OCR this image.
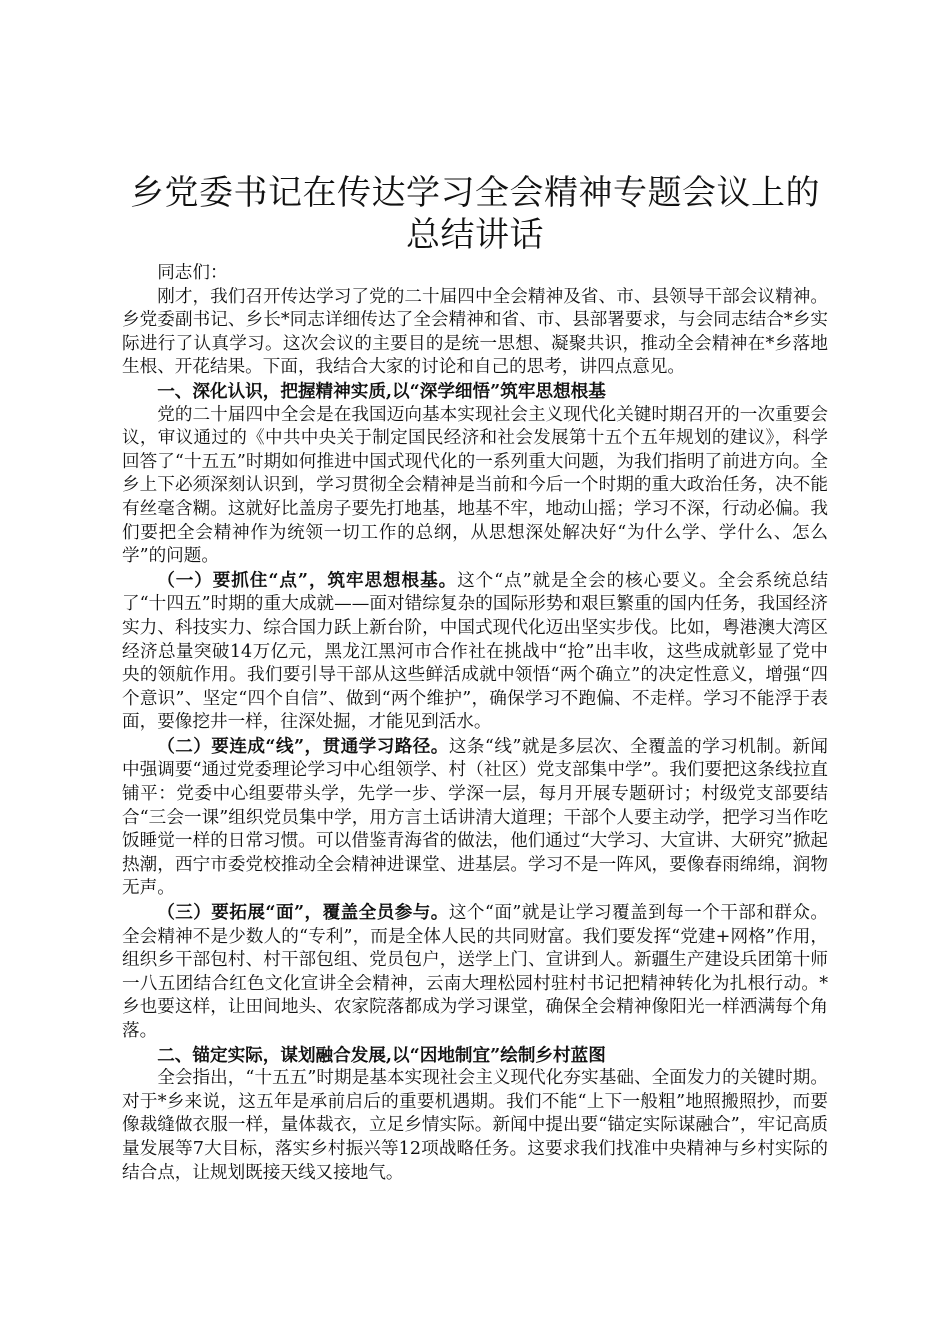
乡党委书记在传达学习全会精神专题会议上的
总结讲话

同志们：

刚才，我们召开传达学习了党的二十届四中全会精神及省、市、县领导干部会议精神。乡党委副书记、乡长*同志详细传达了全会精神和省、市、县部署要求，与会同志结合*乡实际进行了认真学习。这次会议的主要目的是统一思想、凝聚共识，推动全会精神在*乡落地生根、开花结果。下面，我结合大家的讨论和自己的思考，讲四点意见。

一、深化认识，把握精神实质,以“深学细悟”筑牢思想根基

党的二十届四中全会是在我国迈向基本实现社会主义现代化关键时期召开的一次重要会议，审议通过的《中共中央关于制定国民经济和社会发展第十五个五年规划的建议》，科学回答了“十五五”时期如何推进中国式现代化的一系列重大问题，为我们指明了前进方向。全乡上下必须深刻认识到，学习贯彻全会精神是当前和今后一个时期的重大政治任务，决不能有丝毫含糊。这就好比盖房子要先打地基，地基不牢，地动山摇；学习不深，行动必偏。我们要把全会精神作为统领一切工作的总纲，从思想深处解决好“为什么学、学什么、怎么学”的问题。

（一）要抓住“点”，筑牢思想根基。这个“点”就是全会的核心要义。全会系统总结了“十四五”时期的重大成就——面对错综复杂的国际形势和艰巨繁重的国内任务，我国经济实力、科技实力、综合国力跃上新台阶，中国式现代化迈出坚实步伐。比如，粤港澳大湾区经济总量突破14万亿元，黑龙江黑河市合作社在挑战中“抢”出丰收，这些成就彰显了党中央的领航作用。我们要引导干部从这些鲜活成就中领悟“两个确立”的决定性意义，增强“四个意识”、坚定“四个自信”、做到“两个维护”，确保学习不跑偏、不走样。学习不能浮于表面，要像挖井一样，往深处掘，才能见到活水。

（二）要连成“线”，贯通学习路径。这条“线”就是多层次、全覆盖的学习机制。新闻中强调要“通过党委理论学习中心组领学、村（社区）党支部集中学”。我们要把这条线拉直铺平：党委中心组要带头学，先学一步、学深一层，每月开展专题研讨；村级党支部要结合“三会一课”组织党员集中学，用方言土话讲清大道理；干部个人要主动学，把学习当作吃饭睡觉一样的日常习惯。可以借鉴青海省的做法，他们通过“大学习、大宣讲、大研究”掀起热潮，西宁市委党校推动全会精神进课堂、进基层。学习不是一阵风，要像春雨绵绵，润物无声。

（三）要拓展“面”，覆盖全员参与。这个“面”就是让学习覆盖到每一个干部和群众。全会精神不是少数人的“专利”，而是全体人民的共同财富。我们要发挥“党建+网格”作用，组织乡干部包村、村干部包组、党员包户，送学上门、宣讲到人。新疆生产建设兵团第十师一八五团结合红色文化宣讲全会精神，云南大理松园村驻村书记把精神转化为扎根行动。*乡也要这样，让田间地头、农家院落都成为学习课堂，确保全会精神像阳光一样洒满每个角落。

二、锚定实际，谋划融合发展,以“因地制宜”绘制乡村蓝图

全会指出，“十五五”时期是基本实现社会主义现代化夯实基础、全面发力的关键时期。对于*乡来说，这五年是承前启后的重要机遇期。我们不能“上下一般粗”地照搬照抄，而要像裁缝做衣服一样，量体裁衣，立足乡情实际。新闻中提出要“锚定实际谋融合”，牢记高质量发展等7大目标，落实乡村振兴等12项战略任务。这要求我们找准中央精神与乡村实际的结合点，让规划既接天线又接地气。
